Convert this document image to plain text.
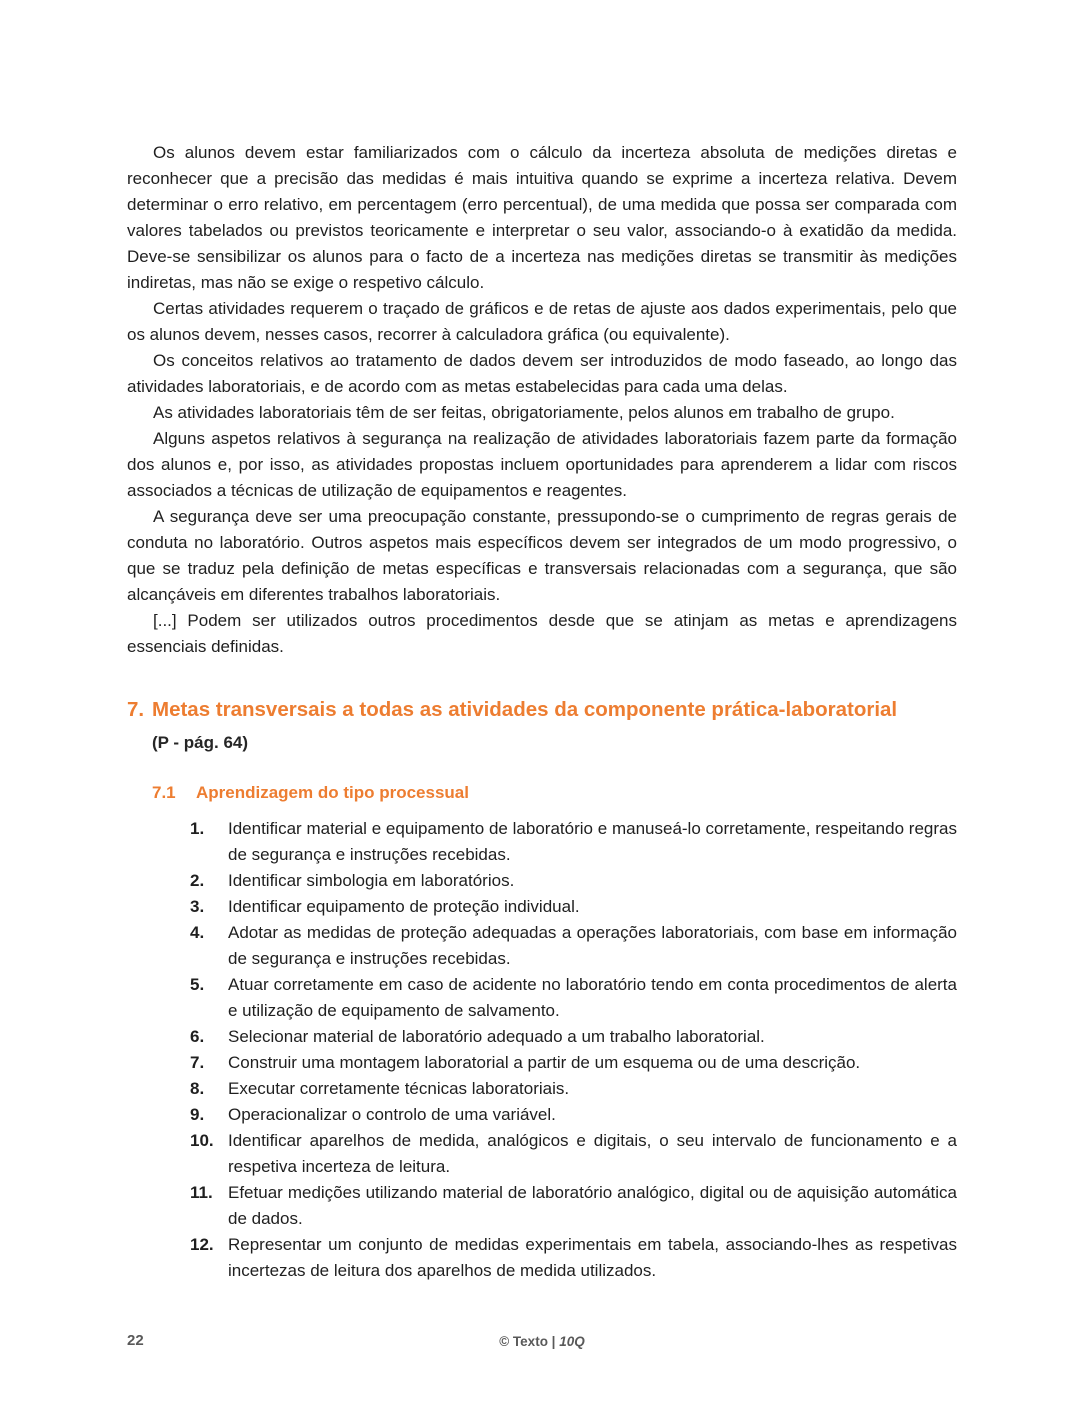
Os alunos devem estar familiarizados com o cálculo da incerteza absoluta de medições diretas e reconhecer que a precisão das medidas é mais intuitiva quando se exprime a incerteza relativa. Devem determinar o erro relativo, em percentagem (erro percentual), de uma medida que possa ser comparada com valores tabelados ou previstos teoricamente e interpretar o seu valor, associando-o à exatidão da medida. Deve-se sensibilizar os alunos para o facto de a incerteza nas medições diretas se transmitir às medições indiretas, mas não se exige o respetivo cálculo.

Certas atividades requerem o traçado de gráficos e de retas de ajuste aos dados experimentais, pelo que os alunos devem, nesses casos, recorrer à calculadora gráfica (ou equivalente).

Os conceitos relativos ao tratamento de dados devem ser introduzidos de modo faseado, ao longo das atividades laboratoriais, e de acordo com as metas estabelecidas para cada uma delas.

As atividades laboratoriais têm de ser feitas, obrigatoriamente, pelos alunos em trabalho de grupo.

Alguns aspetos relativos à segurança na realização de atividades laboratoriais fazem parte da formação dos alunos e, por isso, as atividades propostas incluem oportunidades para aprenderem a lidar com riscos associados a técnicas de utilização de equipamentos e reagentes.

A segurança deve ser uma preocupação constante, pressupondo-se o cumprimento de regras gerais de conduta no laboratório. Outros aspetos mais específicos devem ser integrados de um modo progressivo, o que se traduz pela definição de metas específicas e transversais relacionadas com a segurança, que são alcançáveis em diferentes trabalhos laboratoriais.

[...] Podem ser utilizados outros procedimentos desde que se atinjam as metas e aprendizagens essenciais definidas.

7. Metas transversais a todas as atividades da componente prática-laboratorial
(P - pág. 64)
7.1	Aprendizagem do tipo processual
1.	Identificar material e equipamento de laboratório e manuseá-lo corretamente, respeitando regras de segurança e instruções recebidas.
2.	Identificar simbologia em laboratórios.
3.	Identificar equipamento de proteção individual.
4.	Adotar as medidas de proteção adequadas a operações laboratoriais, com base em informação de segurança e instruções recebidas.
5.	Atuar corretamente em caso de acidente no laboratório tendo em conta procedimentos de alerta e utilização de equipamento de salvamento.
6.	Selecionar material de laboratório adequado a um trabalho laboratorial.
7.	Construir uma montagem laboratorial a partir de um esquema ou de uma descrição.
8.	Executar corretamente técnicas laboratoriais.
9.	Operacionalizar o controlo de uma variável.
10. Identificar aparelhos de medida, analógicos e digitais, o seu intervalo de funcionamento e a respetiva incerteza de leitura.
11. Efetuar medições utilizando material de laboratório analógico, digital ou de aquisição automática de dados.
12. Representar um conjunto de medidas experimentais em tabela, associando-lhes as respetivas incertezas de leitura dos aparelhos de medida utilizados.
22	© Texto | 10Q
